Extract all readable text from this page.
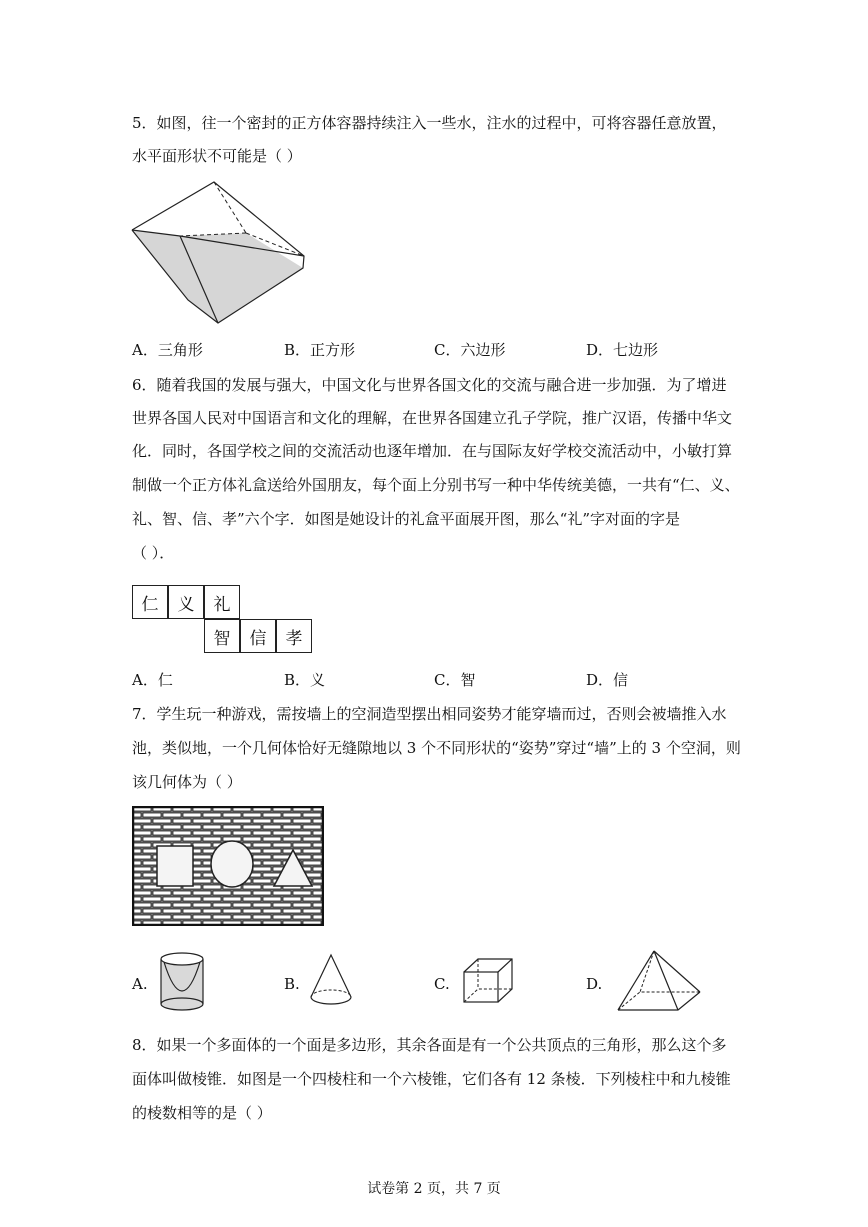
5．如图，往一个密封的正方体容器持续注入一些水，注水的过程中，可将容器任意放置，
水平面形状不可能是（ ）
A．三角形	B．正方形	C．六边形	D．七边形
6．随着我国的发展与强大，中国文化与世界各国文化的交流与融合进一步加强．为了增进
世界各国人民对中国语言和文化的理解，在世界各国建立孔子学院，推广汉语，传播中华文
化．同时，各国学校之间的交流活动也逐年增加．在与国际友好学校交流活动中，小敏打算
制做一个正方体礼盒送给外国朋友，每个面上分别书写一种中华传统美德，一共有“仁、义、
礼、智、信、孝”六个字．如图是她设计的礼盒平面展开图，那么“礼”字对面的字是
（ ）．
仁	义	礼
智	信	孝
A．仁	B．义	C．智	D．信
7．学生玩一种游戏，需按墙上的空洞造型摆出相同姿势才能穿墙而过，否则会被墙推入水
池，类似地，一个几何体恰好无缝隙地以 3 个不同形状的“姿势”穿过“墙”上的 3 个空洞，则
该几何体为（ ）
A.	B.	C.	D.
8．如果一个多面体的一个面是多边形，其余各面是有一个公共顶点的三角形，那么这个多
面体叫做棱锥．如图是一个四棱柱和一个六棱锥，它们各有 12 条棱．下列棱柱中和九棱锥
的棱数相等的是（ ）
试卷第 2 页，共 7 页
